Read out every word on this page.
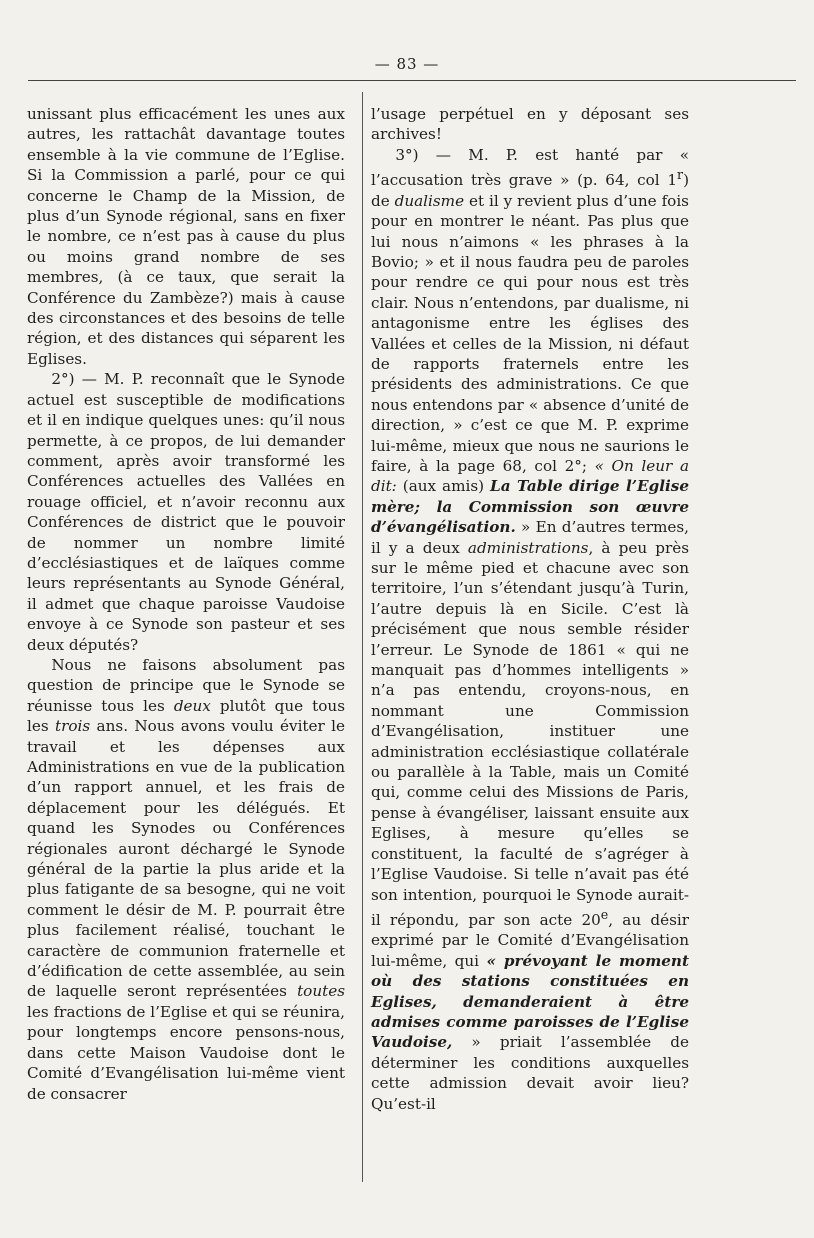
— 83 —

unissant plus efficacément les unes aux autres, les rattachât davantage toutes ensemble à la vie commune de l’Eglise. Si la Commission a parlé, pour ce qui concerne le Champ de la Mission, de plus d’un Synode régional, sans en fixer le nombre, ce n’est pas à cause du plus ou moins grand nombre de ses membres, (à ce taux, que serait la Conférence du Zambèze?) mais à cause des circonstances et des besoins de telle région, et des distances qui séparent les Eglises.

2°) — M. P. reconnaît que le Synode actuel est susceptible de modifications et il en indique quelques unes: qu’il nous permette, à ce propos, de lui demander comment, après avoir transformé les Conférences actuelles des Vallées en rouage officiel, et n’avoir reconnu aux Conférences de district que le pouvoir de nommer un nombre limité d’ecclésiastiques et de laïques comme leurs représentants au Synode Général, il admet que chaque paroisse Vaudoise envoye à ce Synode son pasteur et ses deux députés?

Nous ne faisons absolument pas question de principe que le Synode se réunisse tous les deux plutôt que tous les trois ans. Nous avons voulu éviter le travail et les dépenses aux Administrations en vue de la publication d’un rapport annuel, et les frais de déplacement pour les délégués. Et quand les Synodes ou Conférences régionales auront déchargé le Synode général de la partie la plus aride et la plus fatigante de sa besogne, qui ne voit comment le désir de M. P. pourrait être plus facilement réalisé, touchant le caractère de communion fraternelle et d’édification de cette assemblée, au sein de laquelle seront représentées toutes les fractions de l’Eglise et qui se réunira, pour longtemps encore pensons-nous, dans cette Maison Vaudoise dont le Comité d’Evangélisation lui-même vient de consacrer

l’usage perpétuel en y déposant ses archives!

3°) — M. P. est hanté par « l’accusation très grave » (p. 64, col 1$^r$) de dualisme et il y revient plus d’une fois pour en montrer le néant. Pas plus que lui nous n’aimons « les phrases à la Bovio; » et il nous faudra peu de paroles pour rendre ce qui pour nous est très clair. Nous n’entendons, par dualisme, ni antagonisme entre les églises des Vallées et celles de la Mission, ni défaut de rapports fraternels entre les présidents des administrations. Ce que nous entendons par « absence d’unité de direction, » c’est ce que M. P. exprime lui-même, mieux que nous ne saurions le faire, à la page 68, col 2°; « On leur a dit: (aux amis) La Table dirige l’Eglise mère; la Commission son œuvre d’évangélisation. » En d’autres termes, il y a deux administrations, à peu près sur le même pied et chacune avec son territoire, l’un s’étendant jusqu’à Turin, l’autre depuis là en Sicile. C’est là précisément que nous semble résider l’erreur. Le Synode de 1861 « qui ne manquait pas d’hommes intelligents » n’a pas entendu, croyons-nous, en nommant une Commission d’Evangélisation, instituer une administration ecclésiastique collatérale ou parallèle à la Table, mais un Comité qui, comme celui des Missions de Paris, pense à évangéliser, laissant ensuite aux Eglises, à mesure qu’elles se constituent, la faculté de s’agréger à l’Eglise Vaudoise. Si telle n’avait pas été son intention, pourquoi le Synode aurait-il répondu, par son acte 20e, au désir exprimé par le Comité d’Evangélisation lui-même, qui « prévoyant le moment où des stations constituées en Eglises, demanderaient à être admises comme paroisses de l’Eglise Vaudoise, » priait l’assemblée de déterminer les conditions auxquelles cette admission devait avoir lieu? Qu’est-il
